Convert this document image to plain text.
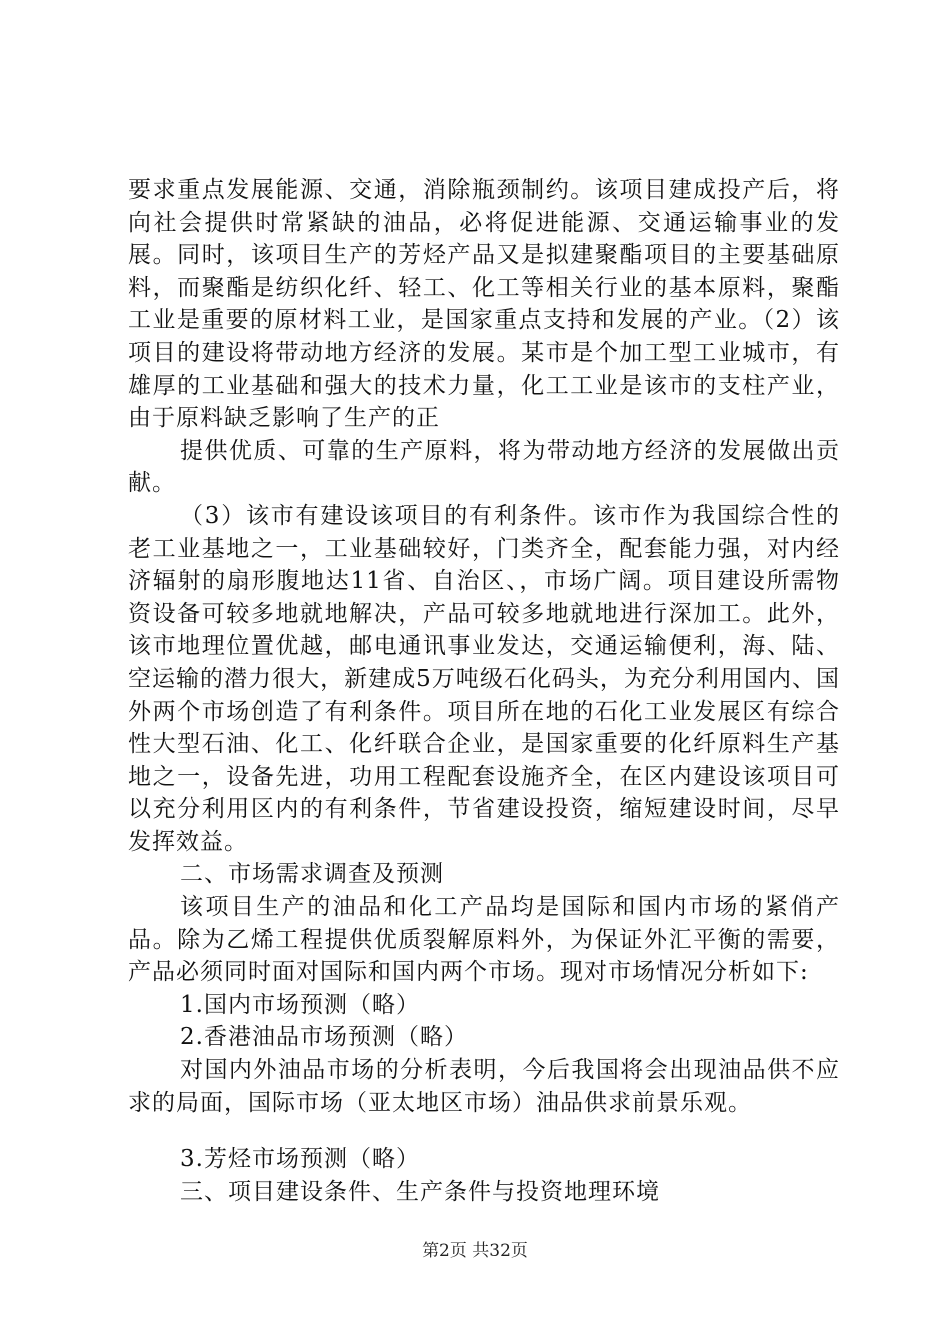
要求重点发展能源、交通，消除瓶颈制约。该项目建成投产后，将向社会提供时常紧缺的油品，必将促进能源、交通运输事业的发展。同时，该项目生产的芳烃产品又是拟建聚酯项目的主要基础原料，而聚酯是纺织化纤、轻工、化工等相关行业的基本原料，聚酯工业是重要的原材料工业，是国家重点支持和发展的产业。（2）该项目的建设将带动地方经济的发展。某市是个加工型工业城市，有雄厚的工业基础和强大的技术力量，化工工业是该市的支柱产业，由于原料缺乏影响了生产的正

提供优质、可靠的生产原料，将为带动地方经济的发展做出贡献。

（3）该市有建设该项目的有利条件。该市作为我国综合性的老工业基地之一，工业基础较好，门类齐全，配套能力强，对内经济辐射的扇形腹地达11省、自治区、，市场广阔。项目建设所需物资设备可较多地就地解决，产品可较多地就地进行深加工。此外，该市地理位置优越，邮电通讯事业发达，交通运输便利，海、陆、空运输的潜力很大，新建成5万吨级石化码头，为充分利用国内、国外两个市场创造了有利条件。项目所在地的石化工业发展区有综合性大型石油、化工、化纤联合企业，是国家重要的化纤原料生产基地之一，设备先进，功用工程配套设施齐全，在区内建设该项目可以充分利用区内的有利条件，节省建设投资，缩短建设时间，尽早发挥效益。

二、市场需求调查及预测

该项目生产的油品和化工产品均是国际和国内市场的紧俏产品。除为乙烯工程提供优质裂解原料外，为保证外汇平衡的需要，产品必须同时面对国际和国内两个市场。现对市场情况分析如下:

1.国内市场预测（略）

2.香港油品市场预测（略）

对国内外油品市场的分析表明，今后我国将会出现油品供不应求的局面，国际市场（亚太地区市场）油品供求前景乐观。

3.芳烃市场预测（略）

三、项目建设条件、生产条件与投资地理环境

第2页 共32页
